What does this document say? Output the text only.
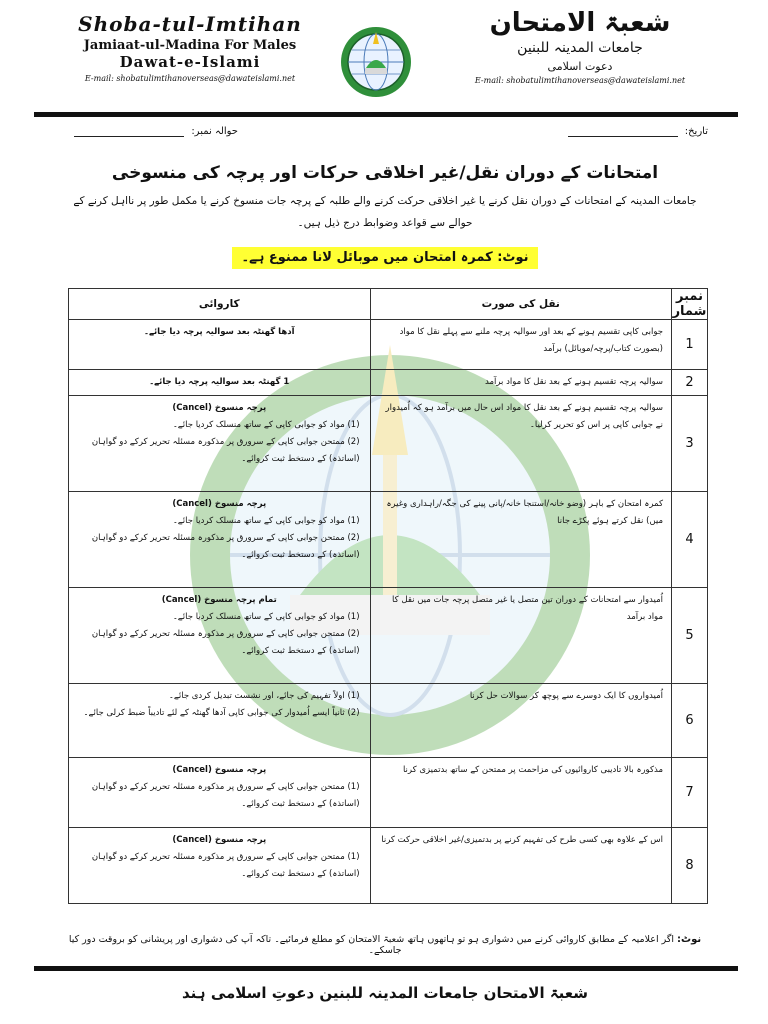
Shoba-tul-Imtihan
Jamiaat-ul-Madina For Males
Dawat-e-Islami
E-mail: shobatulimtihanoverseas@dawateislami.net
شعبۃ الامتحان
جامعات المدینہ للبنین
دعوت اسلامی
E-mail: shobatulimtihanoverseas@dawateislami.net
تاریخ:
حوالہ نمبر:
امتحانات کے دوران نقل/غیر اخلاقی حرکات اور پرچہ کی منسوخی
جامعات المدینہ کے امتحانات کے دوران نقل کرنے یا غیر اخلاقی حرکت کرنے والے طلبہ کے پرچہ جات منسوخ کرنے یا مکمل طور پر نااہل کرنے کے حوالے سے قواعد وضوابط درج ذیل ہیں۔
نوٹ: کمرہ امتحان میں موبائل لانا ممنوع ہے۔
نمبر شمار	نقل کی صورت	کاروائی
1	جوابی کاپی تقسیم ہونے کے بعد اور سوالیہ پرچہ ملنے سے پہلے نقل کا مواد (بصورت کتاب/پرچہ/موبائل) برآمد	آدھا گھنٹہ بعد سوالیہ پرچہ دیا جائے۔

2	سوالیہ پرچہ تقسیم ہونے کے بعد نقل کا مواد برآمد	1 گھنٹہ بعد سوالیہ پرچہ دیا جائے۔

3	سوالیہ پرچہ تقسیم ہونے کے بعد نقل کا مواد اس حال میں برآمد ہو کہ اُمیدوار نے جوابی کاپی پر اس کو تحریر کرلیا۔	پرچہ منسوخ (Cancel)
(1) مواد کو جوابی کاپی کے ساتھ منسلک کردیا جائے۔
(2) ممتحن جوابی کاپی کے سرورق پر مذکورہ مسئلہ تحریر کرکے دو گواہان (اساتذہ) کے دستخط ثبت کروائے۔

4	کمرہ امتحان کے باہر (وضو خانہ/استنجا خانہ/پانی پینے کی جگہ/راہداری وغیرہ میں) نقل کرتے ہوئے پکڑے جانا	پرچہ منسوخ (Cancel)
(1) مواد کو جوابی کاپی کے ساتھ منسلک کردیا جائے۔
(2) ممتحن جوابی کاپی کے سرورق پر مذکورہ مسئلہ تحریر کرکے دو گواہان (اساتذہ) کے دستخط ثبت کروائے۔

5	اُمیدوار سے امتحانات کے دوران تین متصل یا غیر متصل پرچہ جات میں نقل کا مواد برآمد	تمام پرچہ منسوخ (Cancel)
(1) مواد کو جوابی کاپی کے ساتھ منسلک کردیا جائے۔
(2) ممتحن جوابی کاپی کے سرورق پر مذکورہ مسئلہ تحریر کرکے دو گواہان (اساتذہ) کے دستخط ثبت کروائے۔

6	اُمیدواروں کا ایک دوسرے سے پوچھ کر سوالات حل کرنا	(1) اولاً تفہیم کی جائے، اور نشست تبدیل کردی جائے۔
(2) ثانیاً ایسے اُمیدوار کی جوابی کاپی آدھا گھنٹہ کے لئے تادیباً ضبط کرلی جائے۔

7	مذکورہ بالا تادیبی کاروائیوں کی مزاحمت پر ممتحن کے ساتھ بدتمیزی کرنا	پرچہ منسوخ (Cancel)
(1) ممتحن جوابی کاپی کے سرورق پر مذکورہ مسئلہ تحریر کرکے دو گواہان (اساتذہ) کے دستخط ثبت کروائے۔

8	اس کے علاوہ بھی کسی طرح کی تفہیم کرنے پر بدتمیزی/غیر اخلاقی حرکت کرنا	پرچہ منسوخ (Cancel)
(1) ممتحن جوابی کاپی کے سرورق پر مذکورہ مسئلہ تحریر کرکے دو گواہان (اساتذہ) کے دستخط ثبت کروائے۔
نوٹ: اگر اعلامیہ کے مطابق کاروائی کرنے میں دشواری ہو تو ہاتھوں ہاتھ شعبۃ الامتحان کو مطلع فرمائیے۔ تاکہ آپ کی دشواری اور پریشانی کو بروقت دور کیا جاسکے۔
شعبۃ الامتحان جامعات المدینہ للبنین دعوتِ اسلامی ہند
